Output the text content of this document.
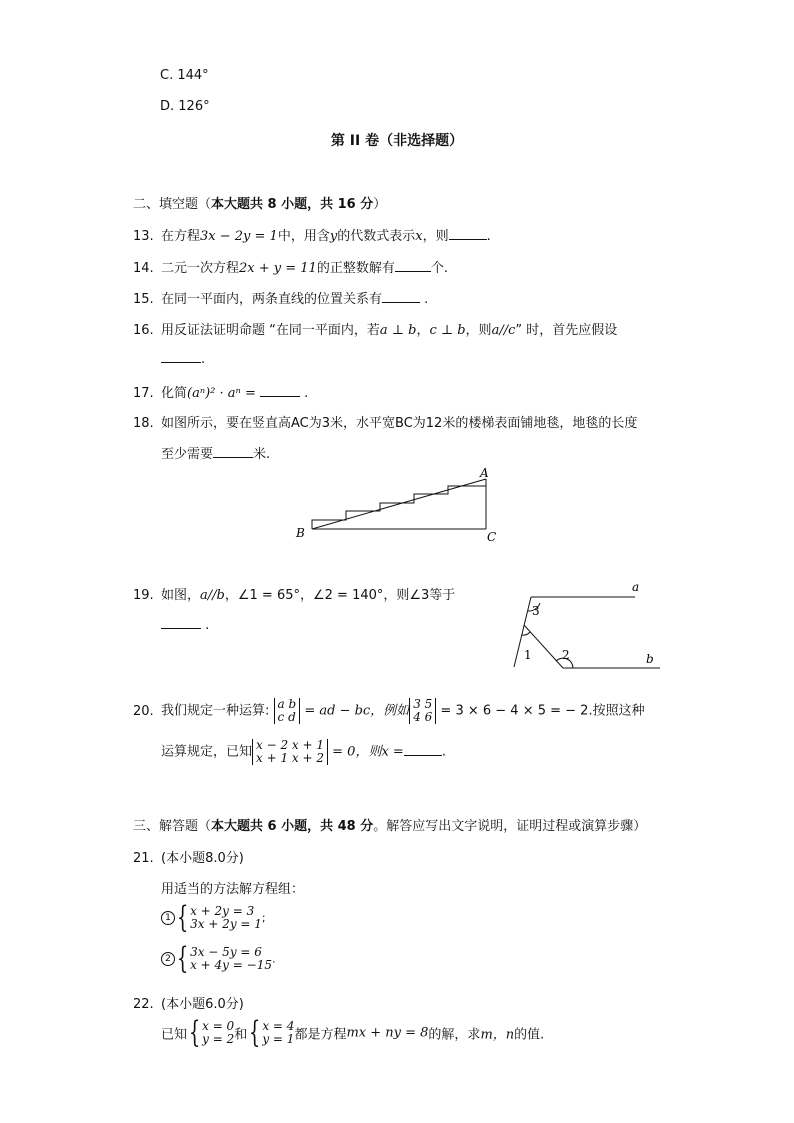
C. 144°
D. 126°
第 II 卷（非选择题）
二、填空题（本大题共 8 小题，共 16 分）
13. 在方程3x − 2y = 1中，用含y的代数式表示x，则	.
14. 二元一次方程2x + y = 11的正整数解有	个.
15. 在同一平面内，两条直线的位置关系有	.
16. 用反证法证明命题 “在同一平面内，若a ⊥ b，c ⊥ b，则a//c” 时，首先应假设
.
17. 化简(aⁿ)² · aⁿ =	.
18. 如图所示，要在竖直高AC为3米，水平宽BC为12米的楼梯表面铺地毯，地毯的长度
至少需要	米.
A
B	C
19. 如图，a//b，∠1 = 65°，∠2 = 140°，则∠3等于
.
a
b
3
1	2
20. 我们规定一种运算: a b
c d = ad − bc，例如 3 5
4 6 = 3 × 6 − 4 × 5 = − 2.按照这种
运算规定，已知 x − 2 x + 1
x + 1 x + 2 = 0，则x =	.
三、解答题（本大题共 6 小题，共 48 分。解答应写出文字说明，证明过程或演算步骤）
21. (本小题8.0分)
用适当的方法解方程组：
1 { x + 2y = 3
3x + 2y = 1 ;
2 { 3x − 5y = 6
x + 4y = −15 .
22. (本小题6.0分)
已知{ x = 0
y = 2 和{ x = 4
y = 1 都是方程mx + ny = 8的解，求m，n的值.
